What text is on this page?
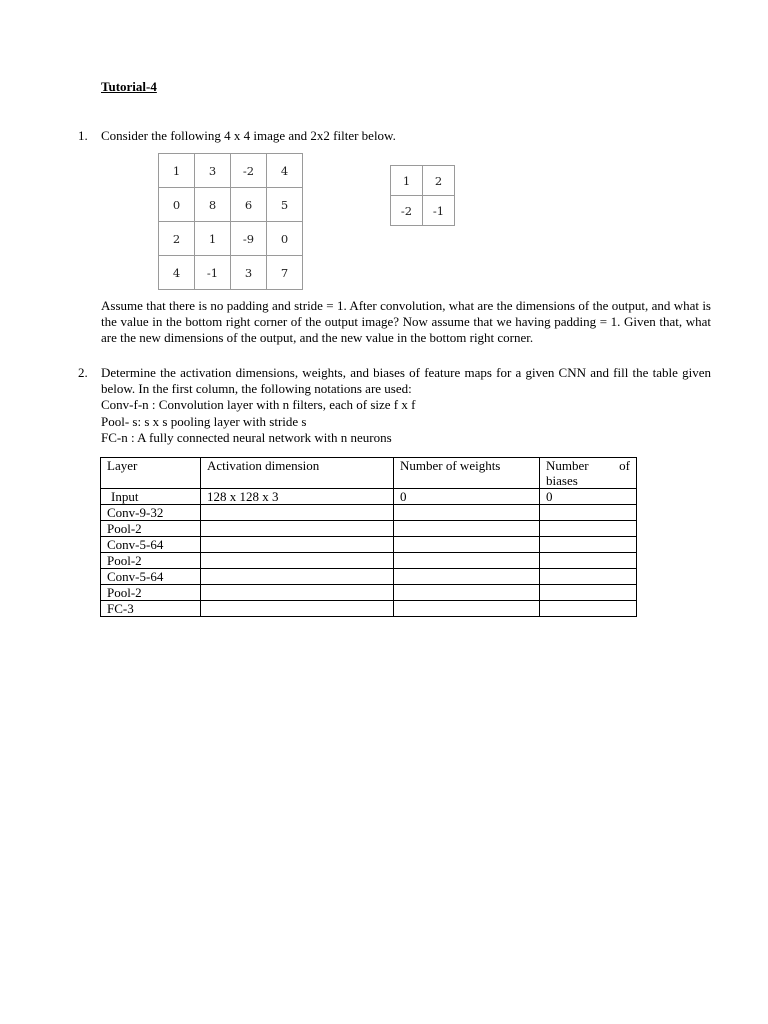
Tutorial-4
1. Consider the following 4 x 4 image and 2x2 filter below.
1	3	-2	4
0	8	6	5
2	1	-9	0
4	-1	3	7
1	2
-2	-1
Assume that there is no padding and stride = 1. After convolution, what are the dimensions of the output, and what is the value in the bottom right corner of the output image? Now assume that we having padding = 1. Given that, what are the new dimensions of the output, and the new value in the bottom right corner.
2. Determine the activation dimensions, weights, and biases of feature maps for a given CNN and fill the table given below. In the first column, the following notations are used:
Conv-f-n : Convolution layer with n filters, each of size f x f
Pool- s: s x s pooling layer with stride s
FC-n : A fully connected neural network with n neurons
Layer	Activation dimension	Number of weights	Number of
biases

Input	128 x 128 x 3	0	0
Conv-9-32			
Pool-2			
Conv-5-64			
Pool-2			
Conv-5-64			
Pool-2			
FC-3			
